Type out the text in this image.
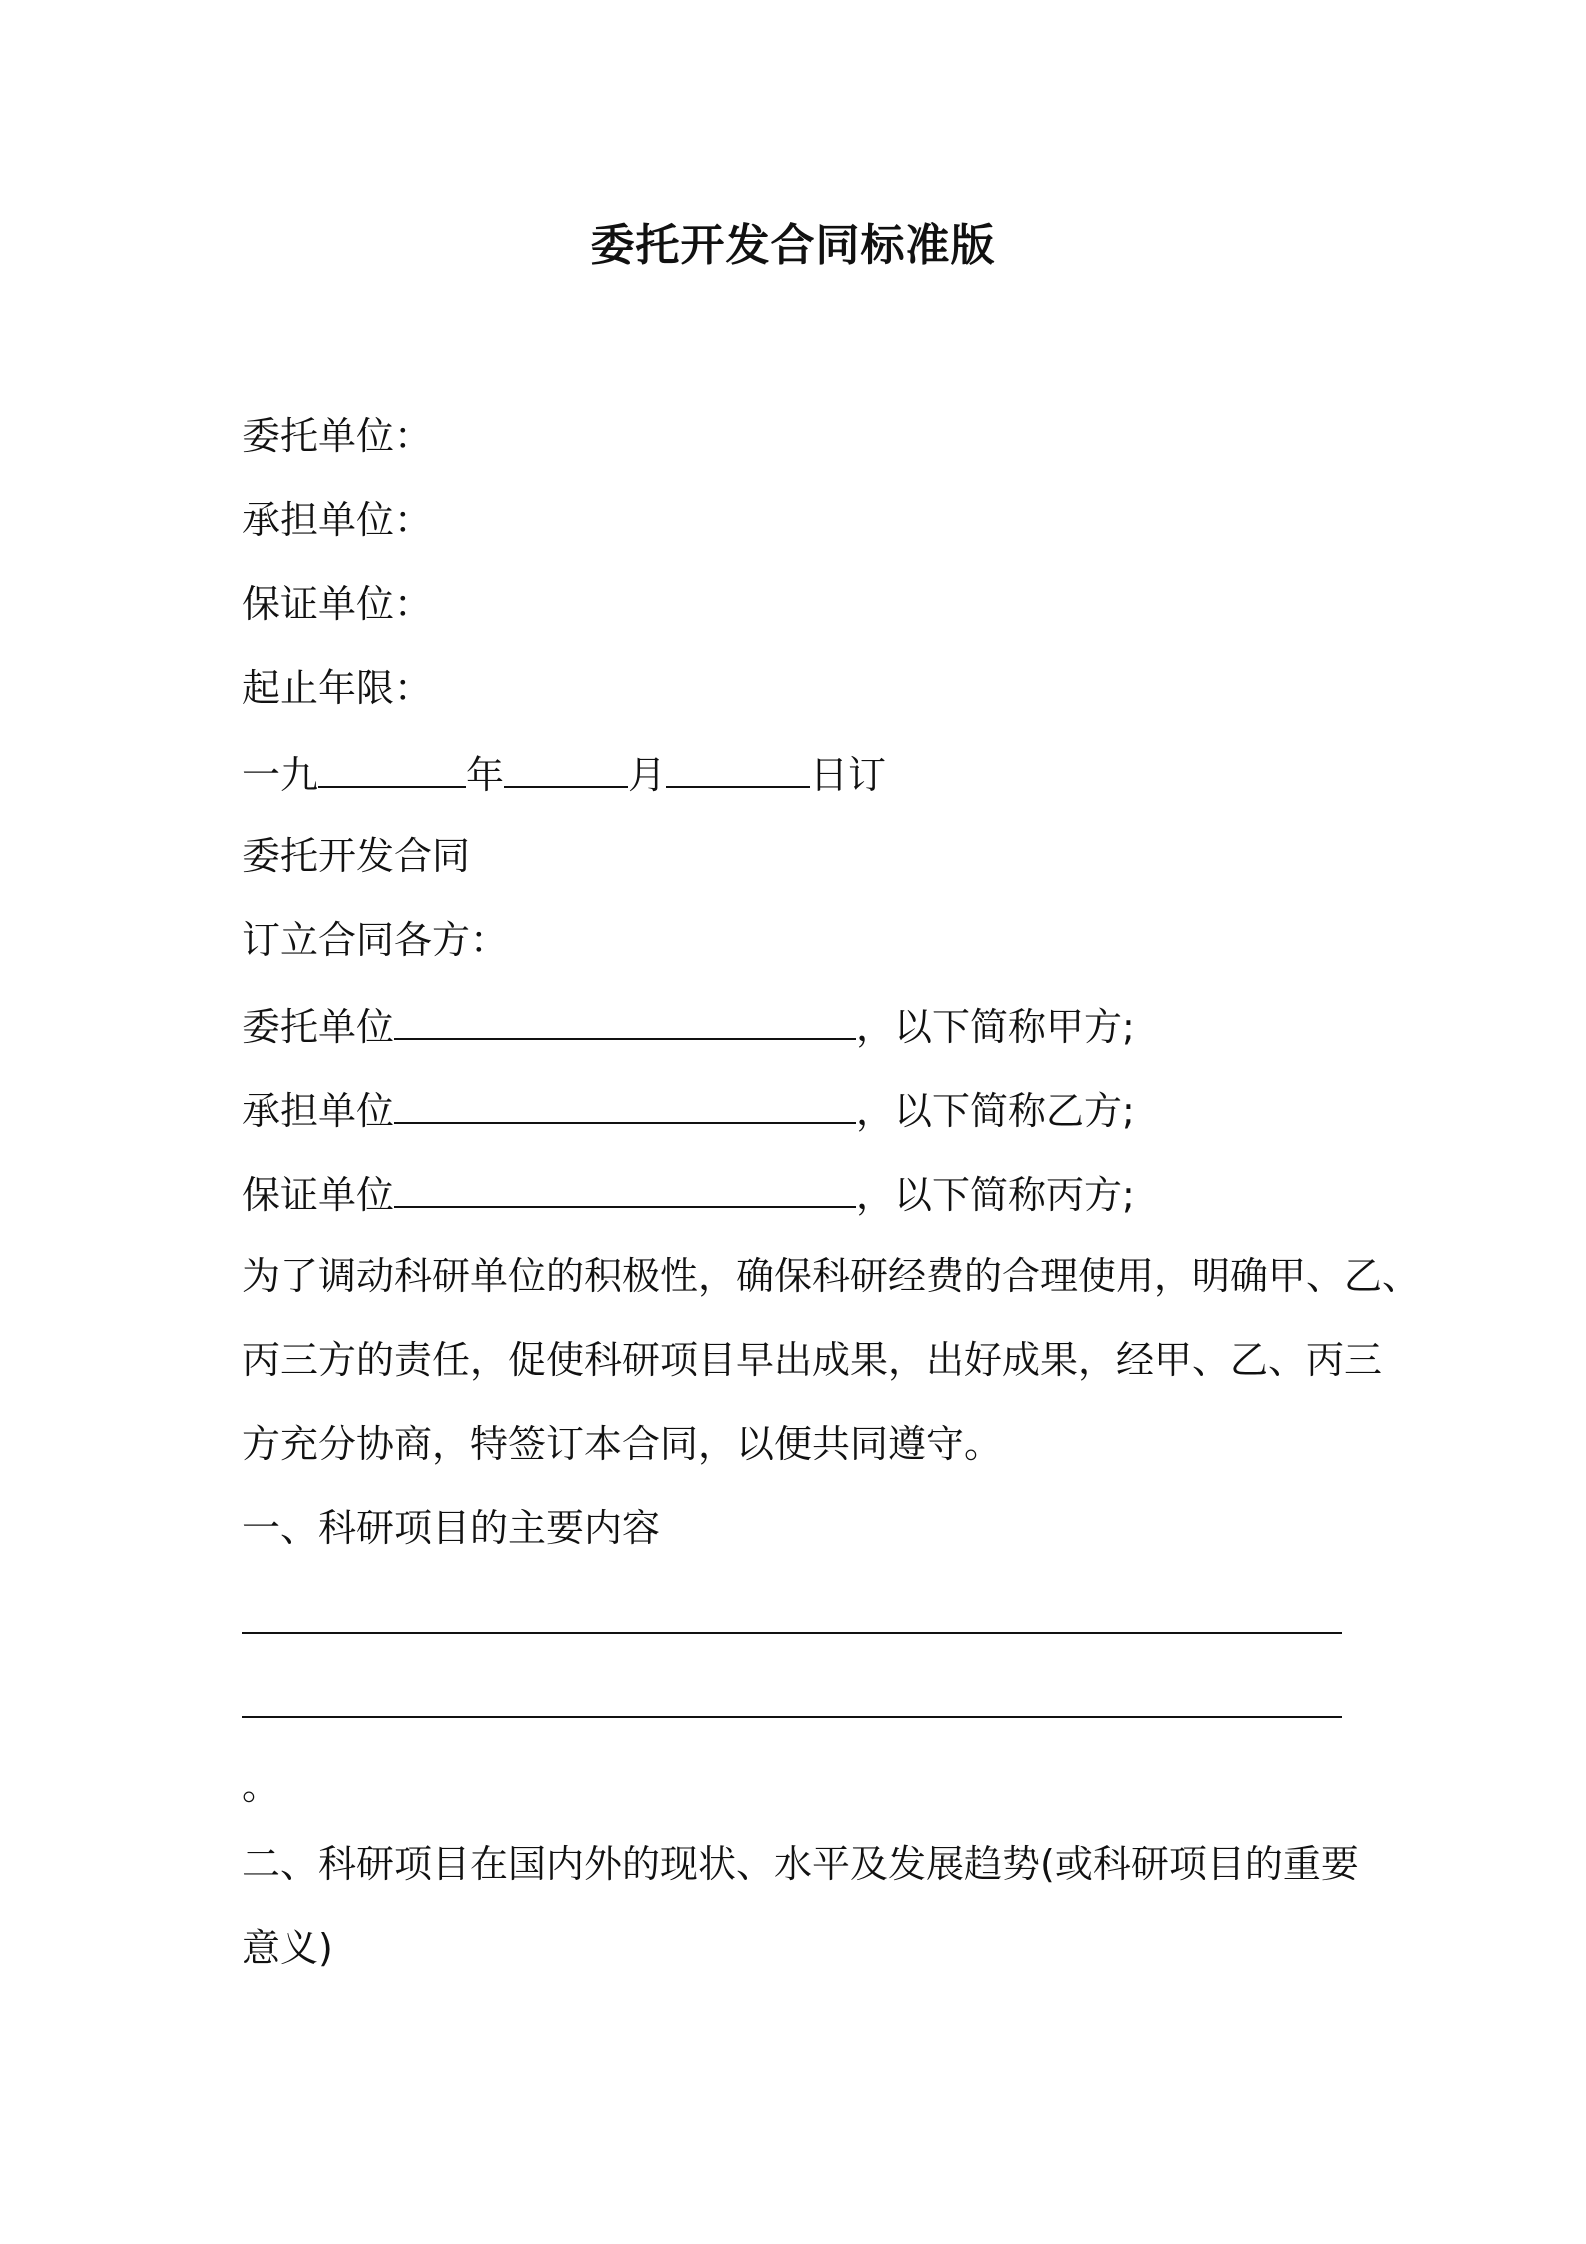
委托开发合同标准版
委托单位：
承担单位：
保证单位：
起止年限：
一九	年	月	日订
委托开发合同
订立合同各方：
委托单位	，以下简称甲方;
承担单位	，以下简称乙方;
保证单位	，以下简称丙方;
为了调动科研单位的积极性，确保科研经费的合理使用，明确甲、乙、
丙三方的责任，促使科研项目早出成果，出好成果，经甲、乙、丙三
方充分协商，特签订本合同，以便共同遵守。
一、科研项目的主要内容
。
二、科研项目在国内外的现状、水平及发展趋势(或科研项目的重要
意义)
